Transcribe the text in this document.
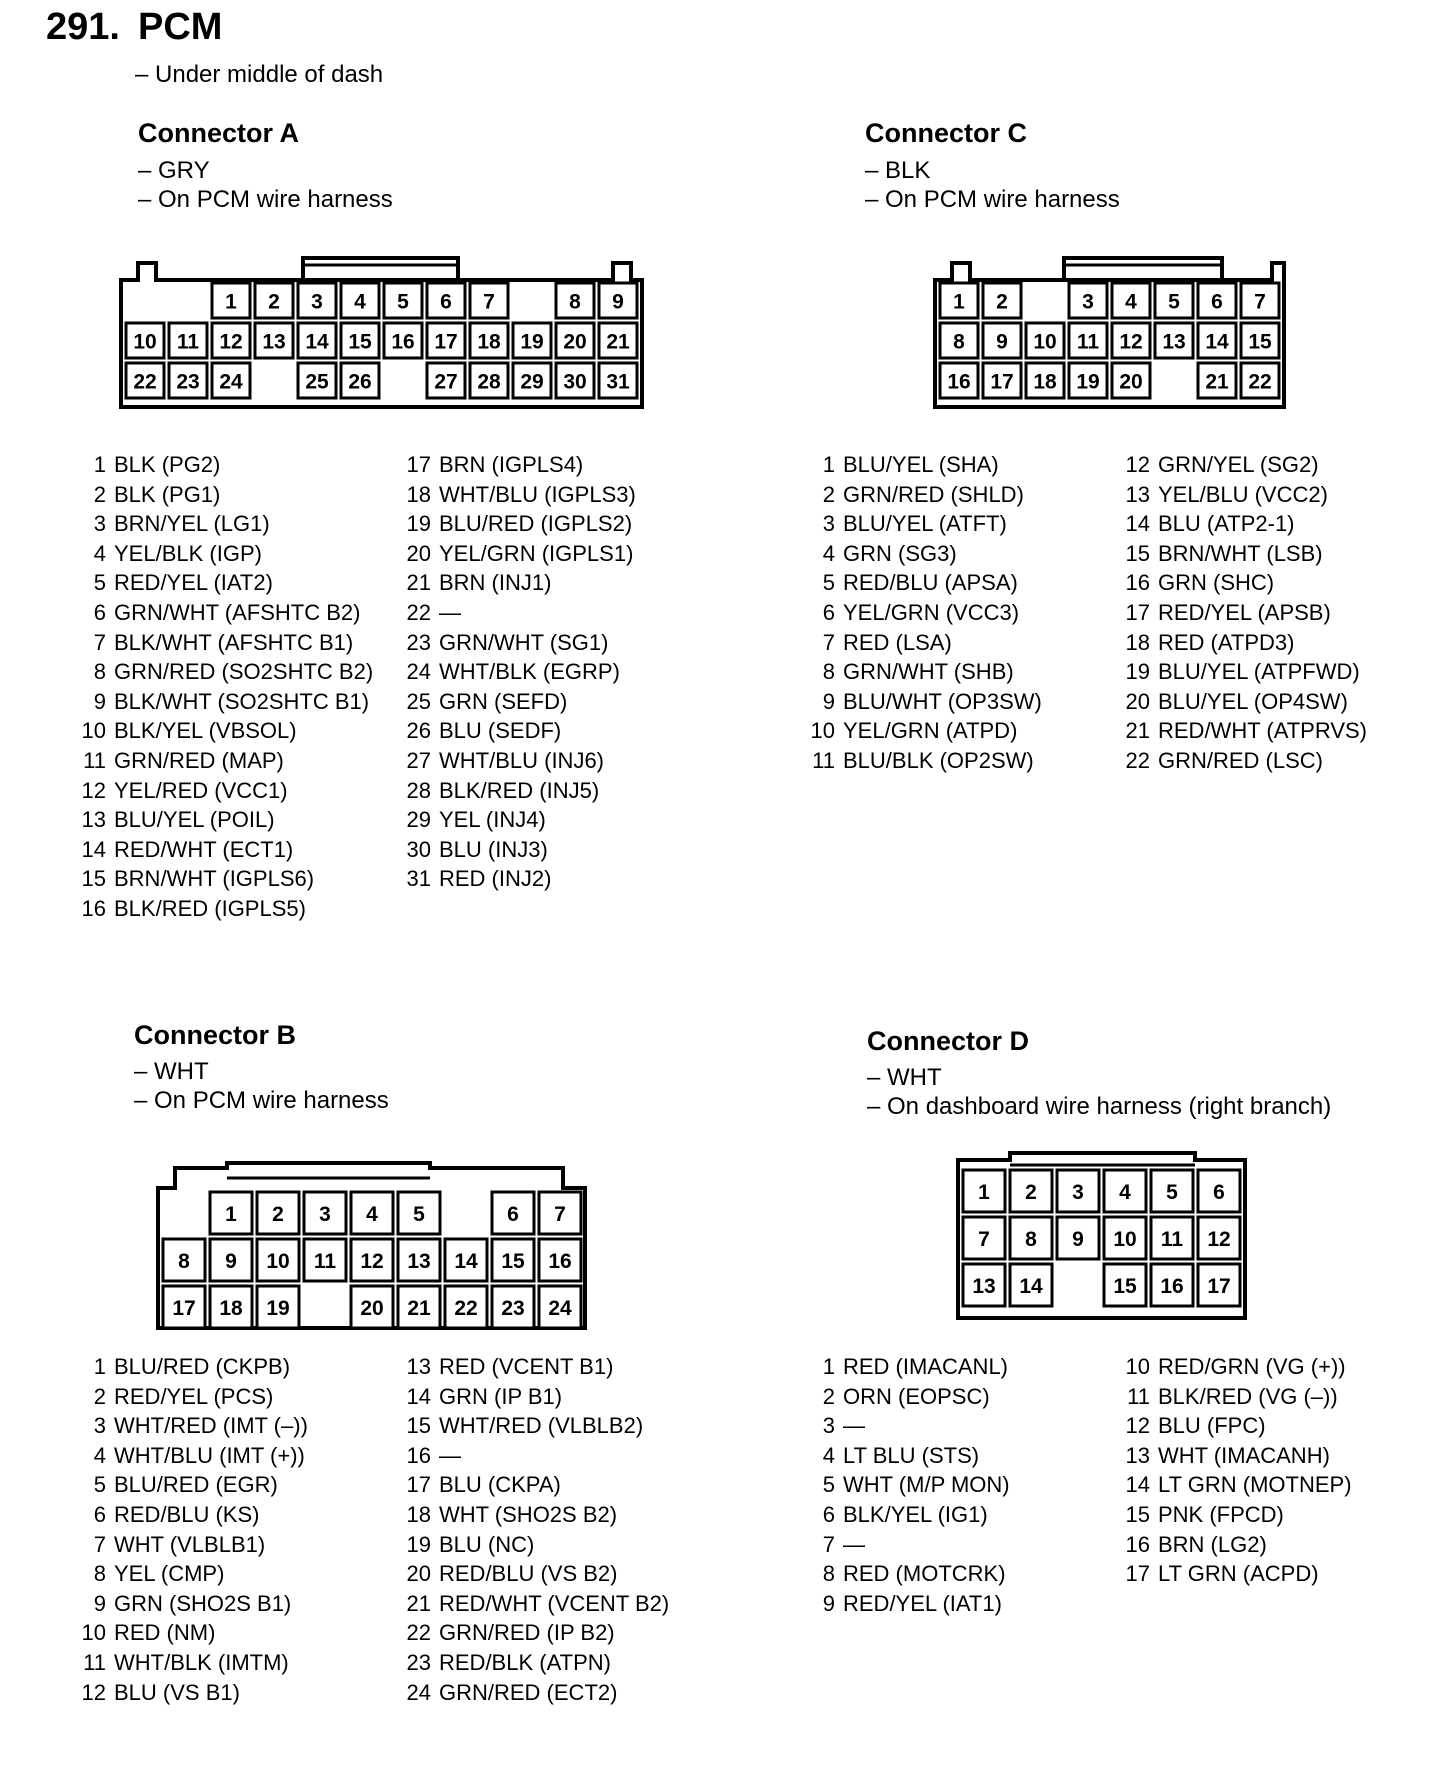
291. PCM
– Under middle of dash
Connector A
– GRY
– On PCM wire harness
1 2 3 4 5 6 7	8 9
10 11 12 13 14 15 16 17 18 19 20 21
22 23 24	25 26	27 28 29 30 31
1 BLK (PG2)
2 BLK (PG1)
3 BRN/YEL (LG1)
4 YEL/BLK (IGP)
5 RED/YEL (IAT2)
6 GRN/WHT (AFSHTC B2)
7 BLK/WHT (AFSHTC B1)
8 GRN/RED (SO2SHTC B2)
9 BLK/WHT (SO2SHTC B1)
10 BLK/YEL (VBSOL)
11 GRN/RED (MAP)
12 YEL/RED (VCC1)
13 BLU/YEL (POIL)
14 RED/WHT (ECT1)
15 BRN/WHT (IGPLS6)
16 BLK/RED (IGPLS5)
17 BRN (IGPLS4)
18 WHT/BLU (IGPLS3)
19 BLU/RED (IGPLS2)
20 YEL/GRN (IGPLS1)
21 BRN (INJ1)
22 —
23 GRN/WHT (SG1)
24 WHT/BLK (EGRP)
25 GRN (SEFD)
26 BLU (SEDF)
27 WHT/BLU (INJ6)
28 BLK/RED (INJ5)
29 YEL (INJ4)
30 BLU (INJ3)
31 RED (INJ2)
Connector C
– BLK
– On PCM wire harness
1 2	3 4 5 6 7
8 9 10 11 12 13 14 15
16 17 18 19 20	21 22
1 BLU/YEL (SHA)
2 GRN/RED (SHLD)
3 BLU/YEL (ATFT)
4 GRN (SG3)
5 RED/BLU (APSA)
6 YEL/GRN (VCC3)
7 RED (LSA)
8 GRN/WHT (SHB)
9 BLU/WHT (OP3SW)
10 YEL/GRN (ATPD)
11 BLU/BLK (OP2SW)
12 GRN/YEL (SG2)
13 YEL/BLU (VCC2)
14 BLU (ATP2-1)
15 BRN/WHT (LSB)
16 GRN (SHC)
17 RED/YEL (APSB)
18 RED (ATPD3)
19 BLU/YEL (ATPFWD)
20 BLU/YEL (OP4SW)
21 RED/WHT (ATPRVS)
22 GRN/RED (LSC)
Connector B
– WHT
– On PCM wire harness
1 2 3 4 5	6 7
8 9 10 11 12 13 14 15 16
17 18 19	20 21 22 23 24
1 BLU/RED (CKPB)
2 RED/YEL (PCS)
3 WHT/RED (IMT (–))
4 WHT/BLU (IMT (+))
5 BLU/RED (EGR)
6 RED/BLU (KS)
7 WHT (VLBLB1)
8 YEL (CMP)
9 GRN (SHO2S B1)
10 RED (NM)
11 WHT/BLK (IMTM)
12 BLU (VS B1)
13 RED (VCENT B1)
14 GRN (IP B1)
15 WHT/RED (VLBLB2)
16 —
17 BLU (CKPA)
18 WHT (SHO2S B2)
19 BLU (NC)
20 RED/BLU (VS B2)
21 RED/WHT (VCENT B2)
22 GRN/RED (IP B2)
23 RED/BLK (ATPN)
24 GRN/RED (ECT2)
Connector D
– WHT
– On dashboard wire harness (right branch)
1 2 3 4 5 6
7 8 9 10 11 12
13 14	15 16 17
1 RED (IMACANL)
2 ORN (EOPSC)
3 —
4 LT BLU (STS)
5 WHT (M/P MON)
6 BLK/YEL (IG1)
7 —
8 RED (MOTCRK)
9 RED/YEL (IAT1)
10 RED/GRN (VG (+))
11 BLK/RED (VG (–))
12 BLU (FPC)
13 WHT (IMACANH)
14 LT GRN (MOTNEP)
15 PNK (FPCD)
16 BRN (LG2)
17 LT GRN (ACPD)
